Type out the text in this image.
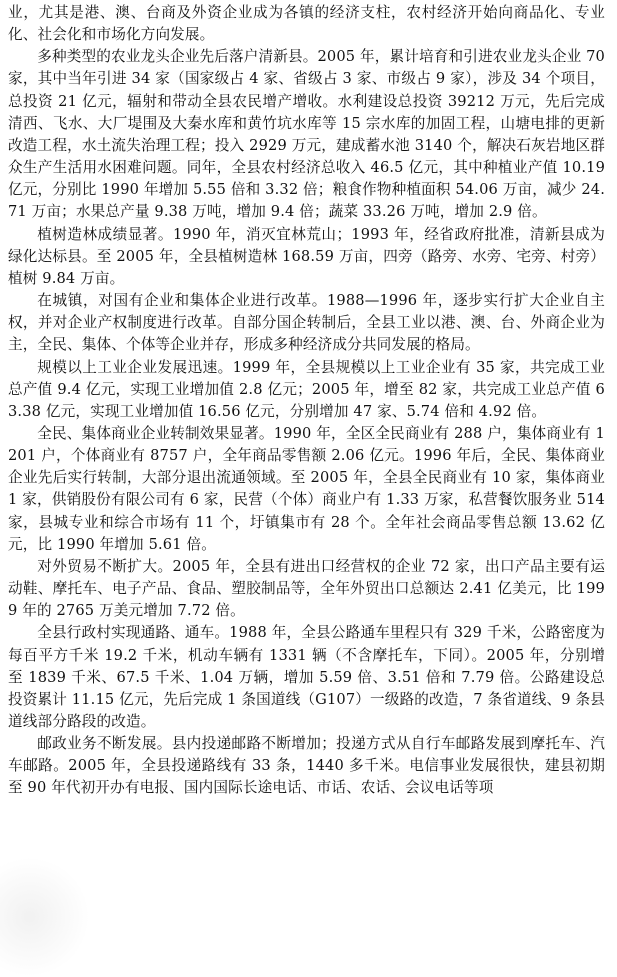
业，尤其是港、澳、台商及外资企业成为各镇的经济支柱，农村经济开始向商品化、专业化、社会化和市场化方向发展。

多种类型的农业龙头企业先后落户清新县。2005 年，累计培育和引进农业龙头企业 70 家，其中当年引进 34 家（国家级占 4 家、省级占 3 家、市级占 9 家），涉及 34 个项目，总投资 21 亿元，辐射和带动全县农民增产增收。水利建设总投资 39212 万元，先后完成清西、飞水、大厂堤围及大秦水库和黄竹坑水库等 15 宗水库的加固工程，山塘电排的更新改造工程，水土流失治理工程；投入 2929 万元，建成蓄水池 3140 个，解决石灰岩地区群众生产生活用水困难问题。同年，全县农村经济总收入 46.5 亿元，其中种植业产值 10.19 亿元，分别比 1990 年增加 5.55 倍和 3.32 倍；粮食作物种植面积 54.06 万亩，减少 24.71 万亩；水果总产量 9.38 万吨，增加 9.4 倍；蔬菜 33.26 万吨，增加 2.9 倍。

植树造林成绩显著。1990 年，消灭宜林荒山；1993 年，经省政府批准，清新县成为绿化达标县。至 2005 年，全县植树造林 168.59 万亩，四旁（路旁、水旁、宅旁、村旁）植树 9.84 万亩。

在城镇，对国有企业和集体企业进行改革。1988—1996 年，逐步实行扩大企业自主权，并对企业产权制度进行改革。自部分国企转制后，全县工业以港、澳、台、外商企业为主，全民、集体、个体等企业并存，形成多种经济成分共同发展的格局。

规模以上工业企业发展迅速。1999 年，全县规模以上工业企业有 35 家，共完成工业总产值 9.4 亿元，实现工业增加值 2.8 亿元；2005 年，增至 82 家，共完成工业总产值 63.38 亿元，实现工业增加值 16.56 亿元，分别增加 47 家、5.74 倍和 4.92 倍。

全民、集体商业企业转制效果显著。1990 年，全区全民商业有 288 户，集体商业有 1201 户，个体商业有 8757 户，全年商品零售额 2.06 亿元。1996 年后，全民、集体商业企业先后实行转制，大部分退出流通领域。至 2005 年，全县全民商业有 10 家，集体商业 1 家，供销股份有限公司有 6 家，民营（个体）商业户有 1.33 万家，私营餐饮服务业 514 家，县城专业和综合市场有 11 个，圩镇集市有 28 个。全年社会商品零售总额 13.62 亿元，比 1990 年增加 5.61 倍。

对外贸易不断扩大。2005 年，全县有进出口经营权的企业 72 家，出口产品主要有运动鞋、摩托车、电子产品、食品、塑胶制品等，全年外贸出口总额达 2.41 亿美元，比 1999 年的 2765 万美元增加 7.72 倍。

全县行政村实现通路、通车。1988 年，全县公路通车里程只有 329 千米，公路密度为每百平方千米 19.2 千米，机动车辆有 1331 辆（不含摩托车，下同）。2005 年，分别增至 1839 千米、67.5 千米、1.04 万辆，增加 5.59 倍、3.51 倍和 7.79 倍。公路建设总投资累计 11.15 亿元，先后完成 1 条国道线（G107）一级路的改造，7 条省道线、9 条县道线部分路段的改造。

邮政业务不断发展。县内投递邮路不断增加；投递方式从自行车邮路发展到摩托车、汽车邮路。2005 年，全县投递路线有 33 条，1440 多千米。电信事业发展很快，建县初期至 90 年代初开办有电报、国内国际长途电话、市话、农话、会议电话等项
